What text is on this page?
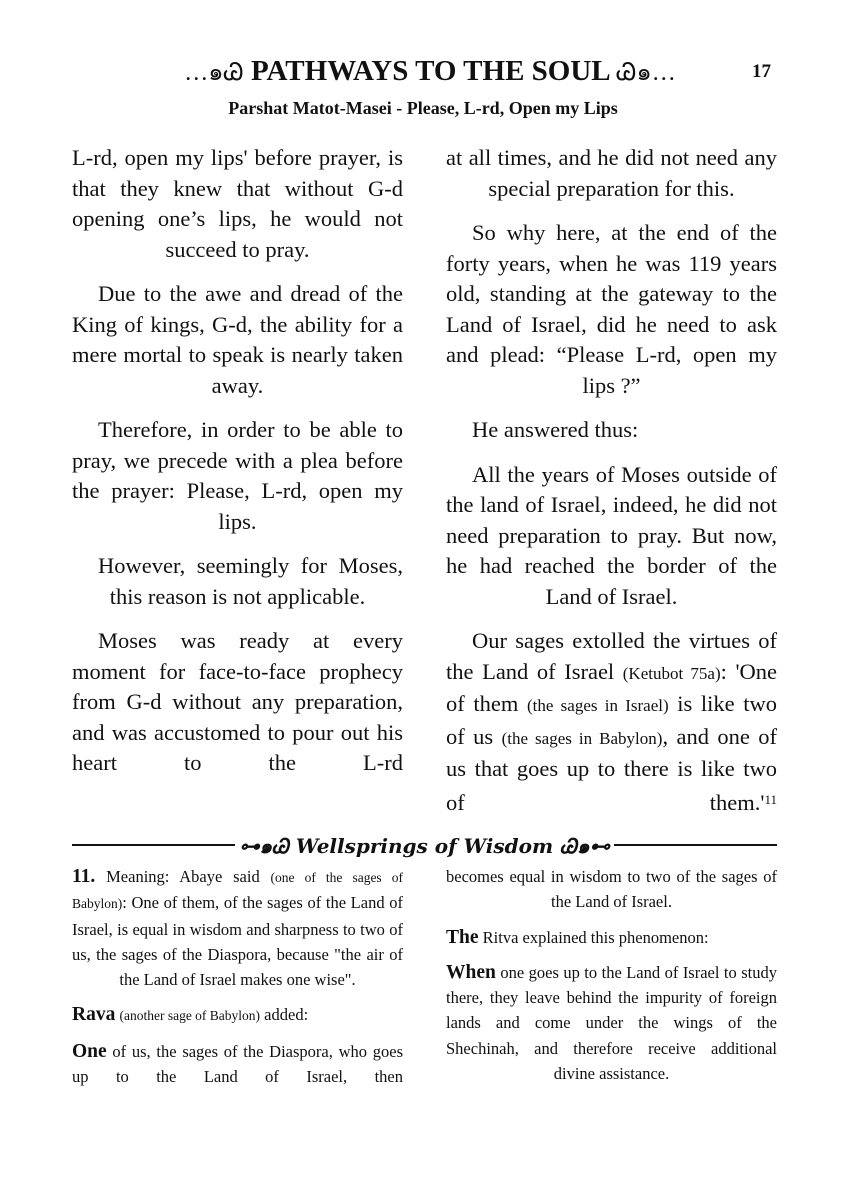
…๑Ꮚ PATHWAYS TO THE SOUL Ꮚ๑…	17
Parshat Matot-Masei - Please, L-rd, Open my Lips

L-rd, open my lips' before prayer, is that they knew that without G-d opening one’s lips, he would not succeed to pray.

Due to the awe and dread of the King of kings, G-d, the ability for a mere mortal to speak is nearly taken away.

Therefore, in order to be able to pray, we precede with a plea before the prayer: Please, L-rd, open my lips.

However, seemingly for Moses, this reason is not applicable.

Moses was ready at every moment for face-to-face prophecy from G-d without any preparation, and was accustomed to pour out his heart to the L-rd

at all times, and he did not need any special preparation for this.

So why here, at the end of the forty years, when he was 119 years old, standing at the gateway to the Land of Israel, did he need to ask and plead: “Please L-rd, open my lips ?”

He answered thus:

All the years of Moses outside of the land of Israel, indeed, he did not need preparation to pray. But now, he had reached the border of the Land of Israel.

Our sages extolled the virtues of the Land of Israel (Ketubot 75a): 'One of them (the sages in Israel) is like two of us (the sages in Babylon), and one of us that goes up to there is like two of $them.'^{11}$

⊶๑Ꮚ Wellsprings of Wisdom Ꮚ๑⊷

11. Meaning: Abaye said (one of the sages of Babylon): One of them, of the sages of the Land of Israel, is equal in wisdom and sharpness to two of us, the sages of the Diaspora, because "the air of the Land of Israel makes one wise".

Rava (another sage of Babylon) added:

One of us, the sages of the Diaspora, who goes up to the Land of Israel, then

becomes equal in wisdom to two of the sages of the Land of Israel.

The Ritva explained this phenomenon:

When one goes up to the Land of Israel to study there, they leave behind the impurity of foreign lands and come under the wings of the Shechinah, and therefore receive additional divine assistance.
